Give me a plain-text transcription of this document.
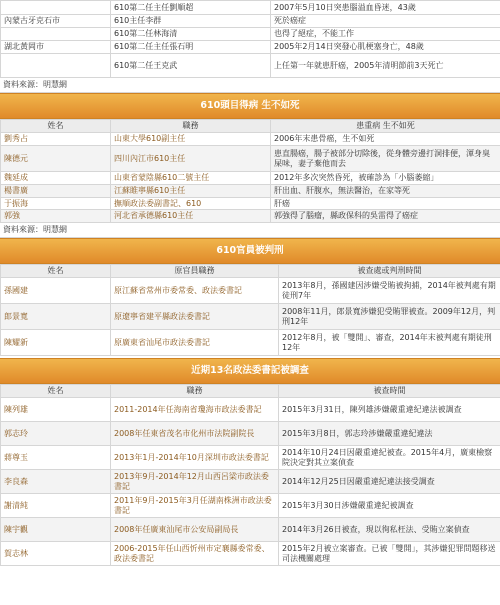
	610第二任主任劉順超	2007年5月10日突患腦溢血昏迷，43歲
內蒙古牙克石市	610主任李群	死於癌症
	610第二任林海清	也得了絕症，不能工作
湖北黃岡市	610第二任主任張石明	2005年2月14日突發心肌梗塞身亡，48歲
	610第二任王克武	上任第一年就患肝癌，2005年清明節前3天死亡
資料來源：明慧網
610頭目得病 生不如死
姓名	職務	患重病 生不如死
劉秀占	山東大學610副主任	2006年末患骨癌，生不如死
陳德元	四川內江市610主任	患直腸癌，腸子被部分切除後，從身體旁邊打洞排便，渾身臭屎味，妻子棄他而去
魏延成	山東省蒙陰縣610二號主任	2012年多次突然昏死，被確診為「小腦萎縮」
楊書廣	江蘇睢寧縣610主任	肝出血、肝腹水，無法醫治，在家等死
于振海	撫順政法委副書記、610	肝癌
郭強	河北省承德縣610主任	郭強得了腦瘤，縣政保科的吳雷得了癌症
資料來源：明慧網
610官員被判刑
姓名	原官員職務	被查處或判刑時間
孫國建	原江蘇省常州市委常委、政法委書記	2013年8月，孫國建因涉嫌受賄被拘捕，2014年被判處有期徒刑7年
郎景寬	原遼寧省建平縣政法委書記	2008年11月，郎景寬涉嫌犯受賄罪被查。2009年12月，判刑12年
陳耀新	原廣東省汕尾市政法委書記	2012年8月，被「雙開」、審查，2014年末被判處有期徒刑12年
近期13名政法委書記被調查
姓名	職務	被查時間
陳列雄	2011-2014年任海南省瓊海市政法委書記	2015年3月31日，陳列雄涉嫌嚴重違紀違法被調查
郭志玲	2008年任東省茂名市化州市法院副院長	2015年3月8日，郭志玲涉嫌嚴重違紀違法
蔣尊玉	2013年1月-2014年10月深圳市政法委書記	2014年10月24日因嚴重違紀被查。2015年4月，廣東檢察院決定對其立案偵查
李良森	2013年9月-2014年12月山西呂梁市政法委書記	2014年12月25日因嚴重違紀違法接受調查
謝清純	2011年9月-2015年3月任湖南株洲市政法委書記	2015年3月30日涉嫌嚴重違紀被調查
陳宇觀	2008年任廣東汕尾市公安局副局長	2014年3月26日被查，現以徇私枉法、受賄立案偵查
賀志林	2006-2015年任山西忻州市定襄縣委常委、政法委書記	2015年2月被立案審查。已被「雙開」，其涉嫌犯罪問題移送司法機關處理
